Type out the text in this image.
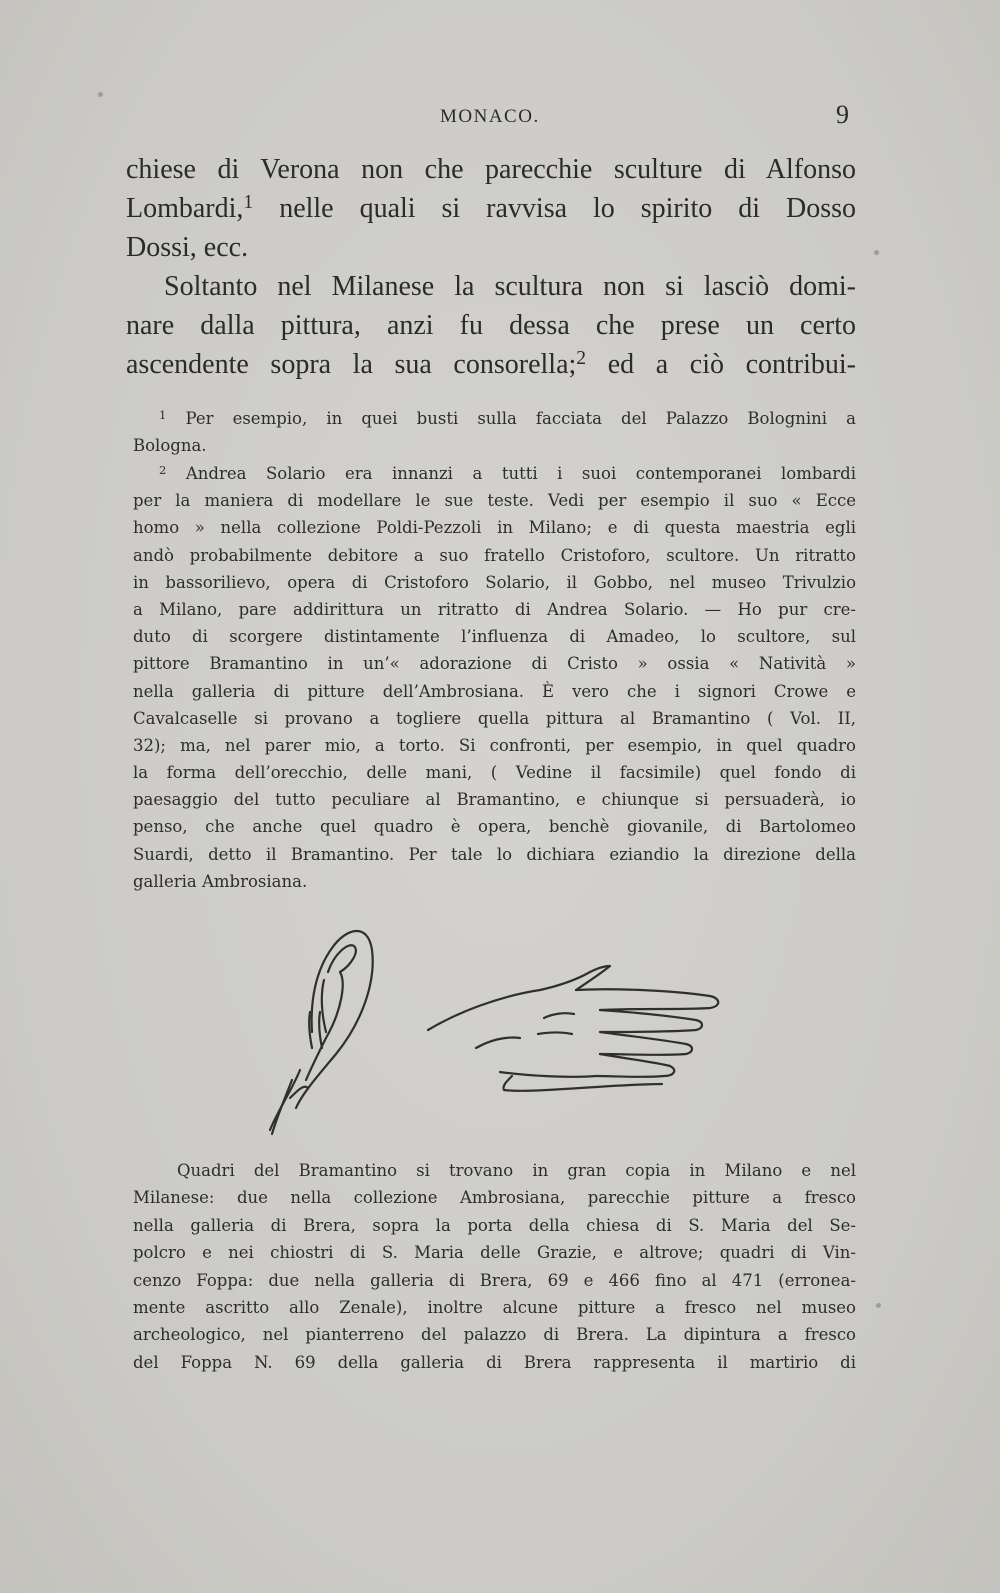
MONACO.	9
chiese di Verona non che parecchie sculture di Alfonso
Lombardi,$^1$ nelle quali si ravvisa lo spirito di Dosso
Dossi, ecc.
Soltanto nel Milanese la scultura non si lasciò domi-
nare dalla pittura, anzi fu dessa che prese un certo
ascendente sopra la sua consorella;$^2$ ed a ciò contribui-
$^1$ Per esempio, in quei busti sulla facciata del Palazzo Bolognini a
Bologna.
$^2$ Andrea Solario era innanzi a tutti i suoi contemporanei lombardi
per la maniera di modellare le sue teste. Vedi per esempio il suo « Ecce
homo » nella collezione Poldi-Pezzoli in Milano; e di questa maestria egli
andò probabilmente debitore a suo fratello Cristoforo, scultore. Un ritratto
in bassorilievo, opera di Cristoforo Solario, il Gobbo, nel museo Trivulzio
a Milano, pare addirittura un ritratto di Andrea Solario. — Ho pur cre-
duto di scorgere distintamente l’influenza di Amadeo, lo scultore, sul
pittore Bramantino in un’« adorazione di Cristo » ossia « Natività »
nella galleria di pitture dell’Ambrosiana. È vero che i signori Crowe e
Cavalcaselle si provano a togliere quella pittura al Bramantino ( Vol. II,
32); ma, nel parer mio, a torto. Si confronti, per esempio, in quel quadro
la forma dell’orecchio, delle mani, ( Vedine il facsimile) quel fondo di
paesaggio del tutto peculiare al Bramantino, e chiunque si persuaderà, io
penso, che anche quel quadro è opera, benchè giovanile, di Bartolomeo
Suardi, detto il Bramantino. Per tale lo dichiara eziandio la direzione della
galleria Ambrosiana.
Quadri del Bramantino si trovano in gran copia in Milano e nel
Milanese: due nella collezione Ambrosiana, parecchie pitture a fresco
nella galleria di Brera, sopra la porta della chiesa di S. Maria del Se-
polcro e nei chiostri di S. Maria delle Grazie, e altrove; quadri di Vin-
cenzo Foppa: due nella galleria di Brera, 69 e 466 fino al 471 (erronea-
mente ascritto allo Zenale), inoltre alcune pitture a fresco nel museo
archeologico, nel pianterreno del palazzo di Brera. La dipintura a fresco
del Foppa N. 69 della galleria di Brera rappresenta il martirio di
